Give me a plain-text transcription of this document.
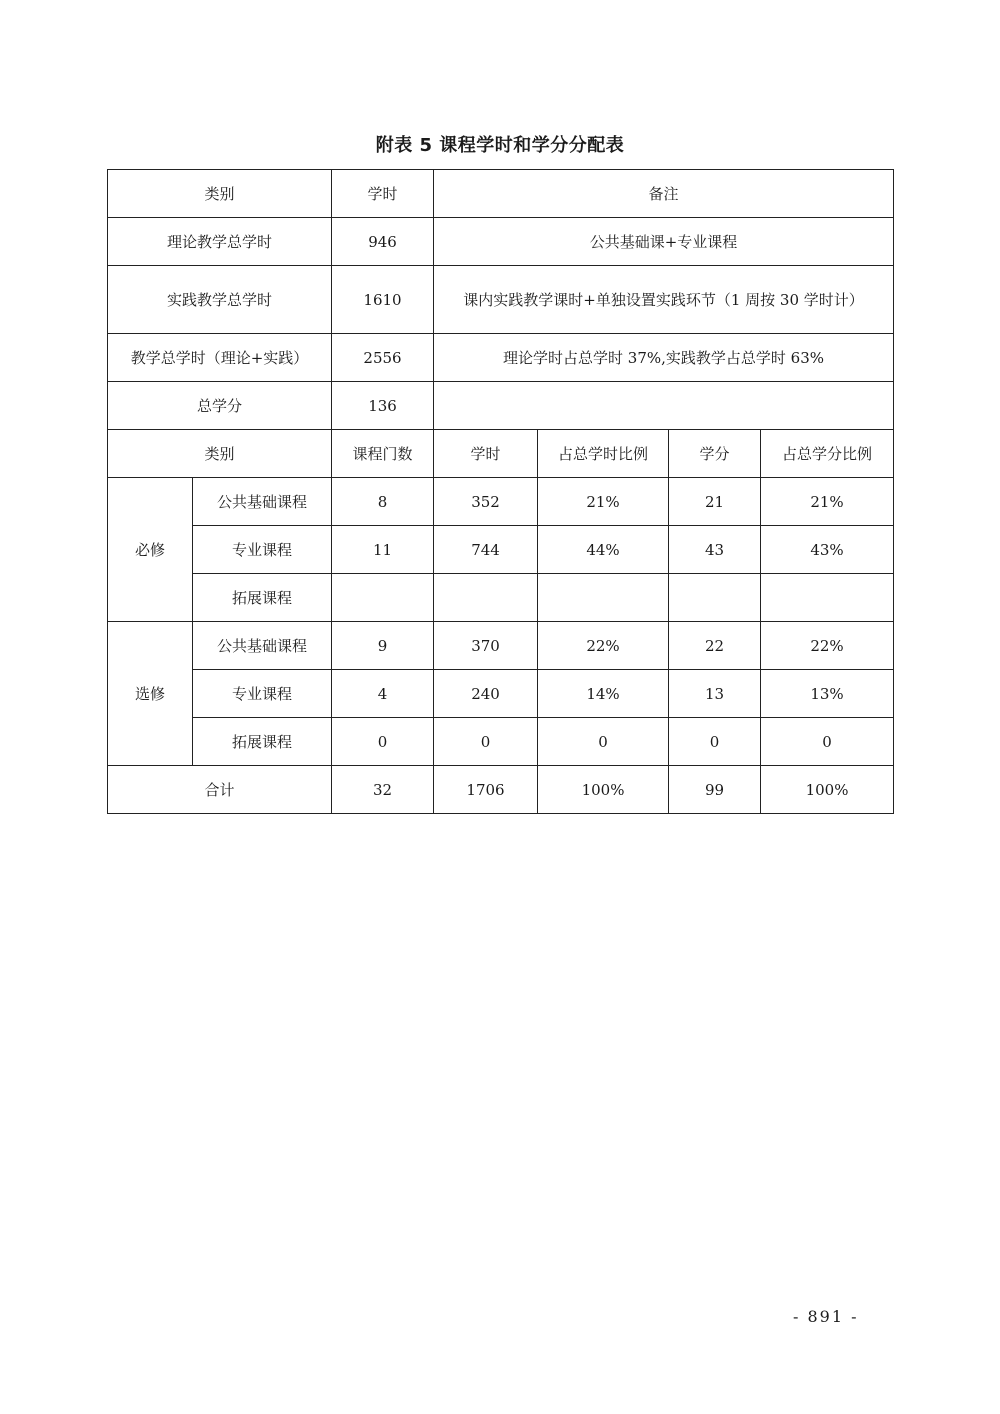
附表 5 课程学时和学分分配表
类别		学时	备注			
理论教学总学时		946	公共基础课+专业课程			
实践教学总学时		1610	课内实践教学课时+单独设置实践环节（1 周按 30 学时计）			
教学总学时（理论+实践）		2556	理论学时占总学时 37%,实践教学占总学时 63%			
总学分		136				
类别		课程门数	学时	占总学时比例	学分	占总学分比例
必修	公共基础课程	8	352	21%	21	21%
	专业课程	11	744	44%	43	43%
	拓展课程					
选修	公共基础课程	9	370	22%	22	22%
	专业课程	4	240	14%	13	13%
	拓展课程	0	0	0	0	0
合计		32	1706	100%	99	100%
- 891 -
